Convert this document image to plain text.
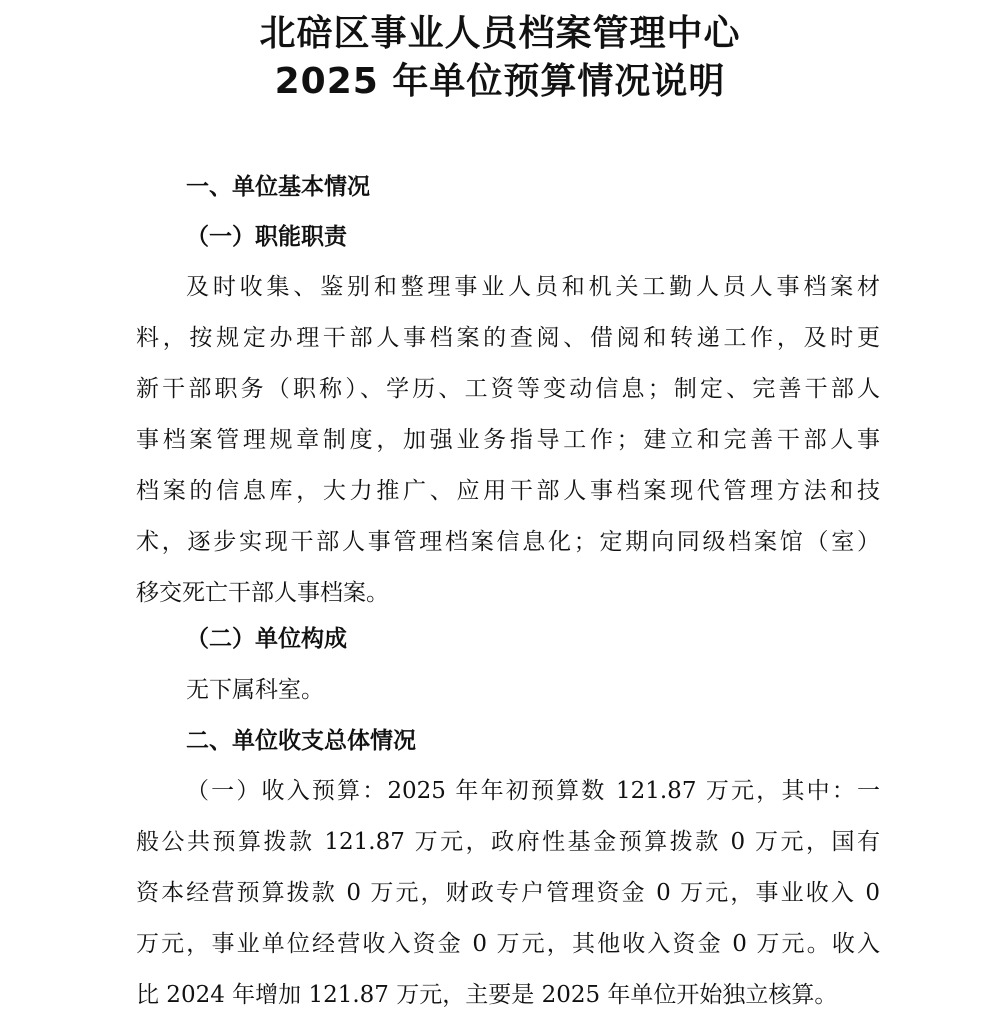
北碚区事业人员档案管理中心
2025 年单位预算情况说明
一、单位基本情况
（一）职能职责

及时收集、鉴别和整理事业人员和机关工勤人员人事档案材

料，按规定办理干部人事档案的查阅、借阅和转递工作，及时更

新干部职务（职称）、学历、工资等变动信息；制定、完善干部人

事档案管理规章制度，加强业务指导工作；建立和完善干部人事

档案的信息库，大力推广、应用干部人事档案现代管理方法和技

术，逐步实现干部人事管理档案信息化；定期向同级档案馆（室）

移交死亡干部人事档案。

（二）单位构成

无下属科室。

二、单位收支总体情况

（一）收入预算：2025 年年初预算数 121.87 万元，其中：一

般公共预算拨款 121.87 万元，政府性基金预算拨款 0 万元，国有

资本经营预算拨款 0 万元，财政专户管理资金 0 万元，事业收入 0

万元，事业单位经营收入资金 0 万元，其他收入资金 0 万元。收入

比 2024 年增加 121.87 万元，主要是 2025 年单位开始独立核算。
